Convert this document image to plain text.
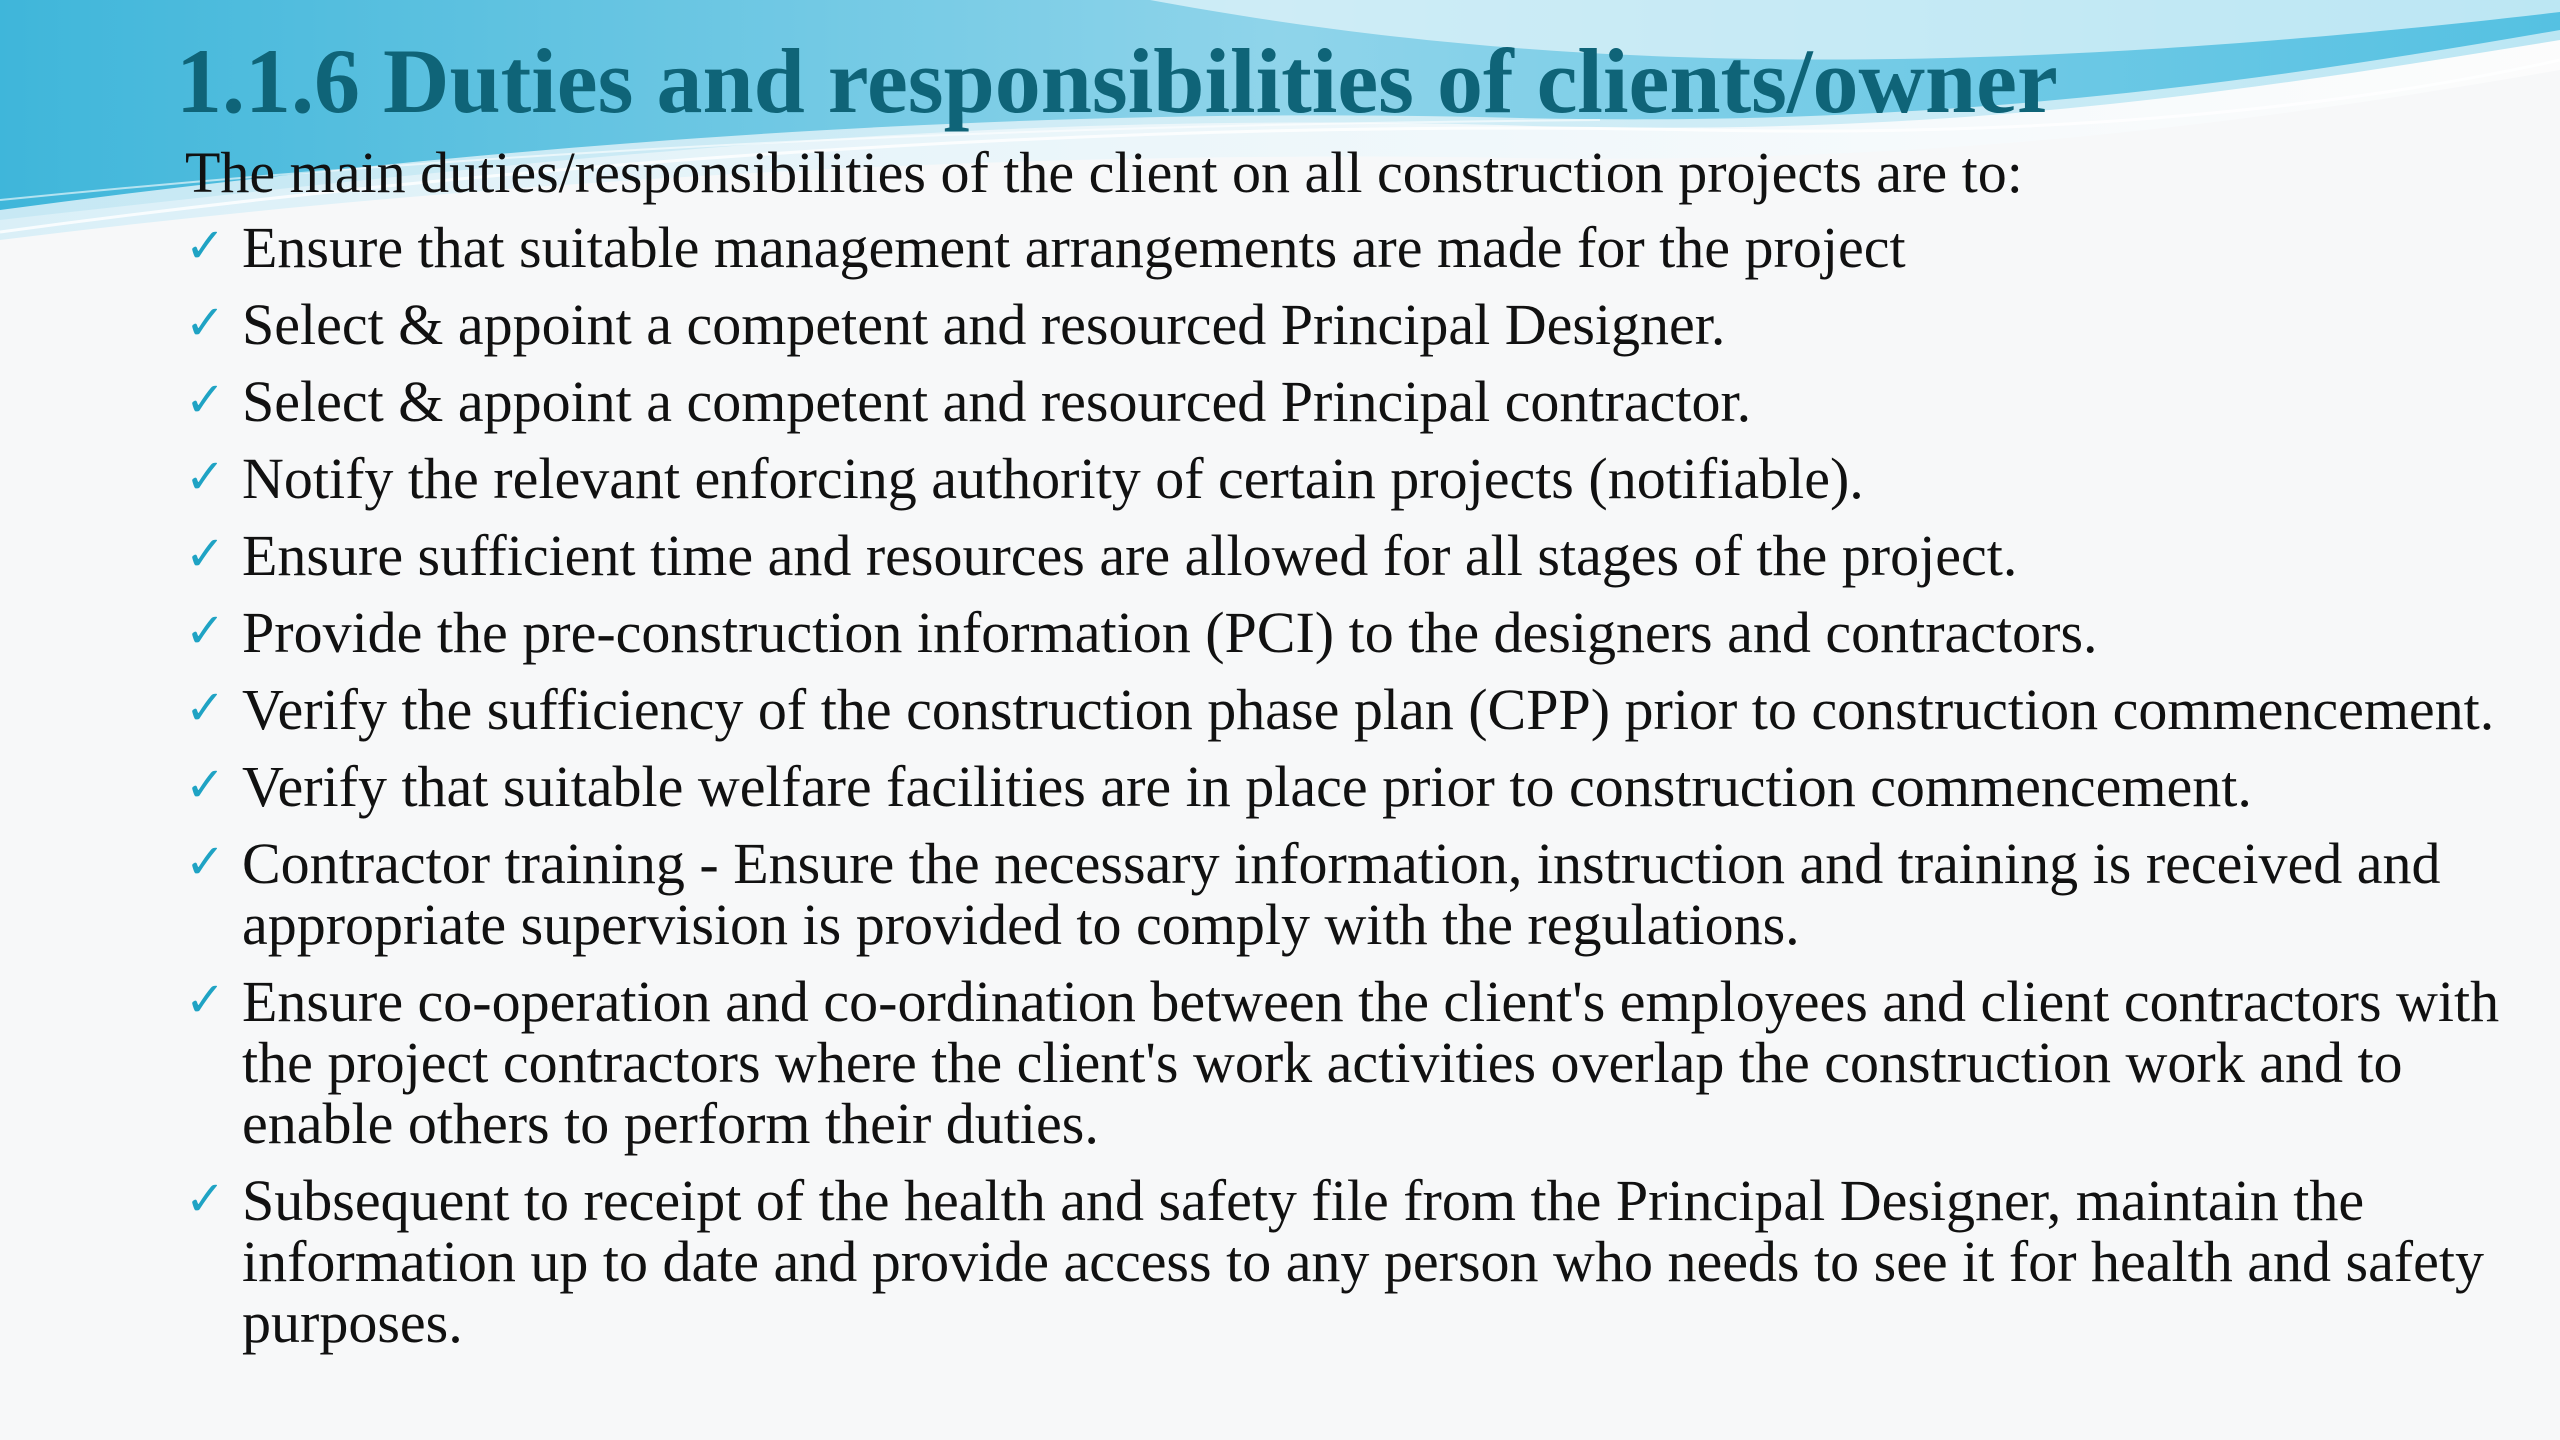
1.1.6 Duties and responsibilities of clients/owner

The main duties/responsibilities of the client on all construction projects are to:

✓ Ensure that suitable management arrangements are made for the project
✓ Select & appoint a competent and resourced Principal Designer.
✓ Select & appoint a competent and resourced Principal contractor.
✓ Notify the relevant enforcing authority of certain projects (notifiable).
✓ Ensure sufficient time and resources are allowed for all stages of the project.
✓ Provide the pre-construction information (PCI) to the designers and contractors.
✓ Verify the sufficiency of the construction phase plan (CPP) prior to construction commencement.
✓ Verify that suitable welfare facilities are in place prior to construction commencement.
✓ Contractor training - Ensure the necessary information, instruction and training is received and appropriate supervision is provided to comply with the regulations.
✓ Ensure co-operation and co-ordination between the client's employees and client contractors with the project contractors where the client's work activities overlap the construction work and to enable others to perform their duties.
✓ Subsequent to receipt of the health and safety file from the Principal Designer, maintain the information up to date and provide access to any person who needs to see it for health and safety purposes.
